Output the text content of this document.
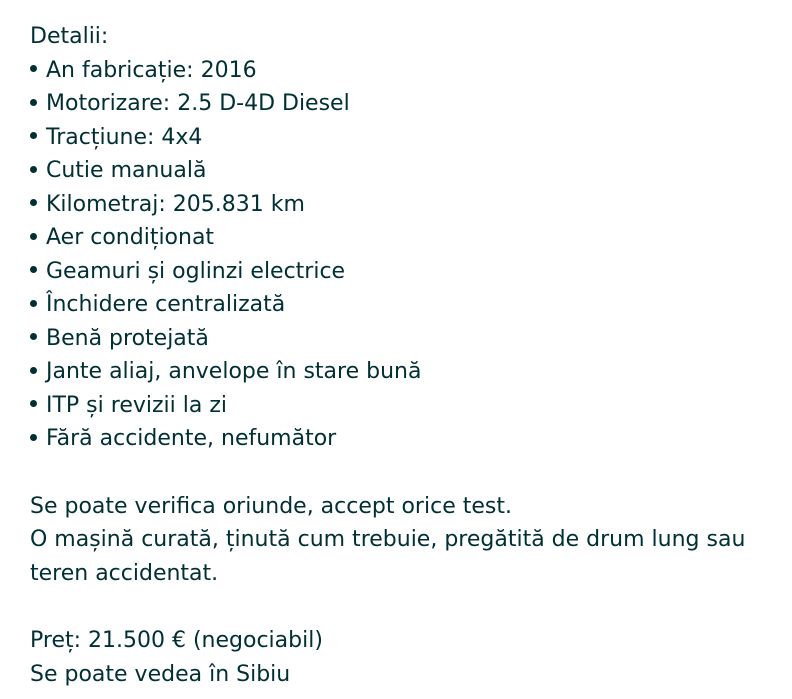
Detalii:
An fabricație: 2016
Motorizare: 2.5 D-4D Diesel
Tracțiune: 4x4
Cutie manuală
Kilometraj: 205.831 km
Aer condiționat
Geamuri și oglinzi electrice
Închidere centralizată
Benă protejată
Jante aliaj, anvelope în stare bună
ITP și revizii la zi
Fără accidente, nefumător
Se poate verifica oriunde, accept orice test.
O mașină curată, ținută cum trebuie, pregătită de drum lung sau
teren accidentat.
Preț: 21.500 € (negociabil)
Se poate vedea în Sibiu
